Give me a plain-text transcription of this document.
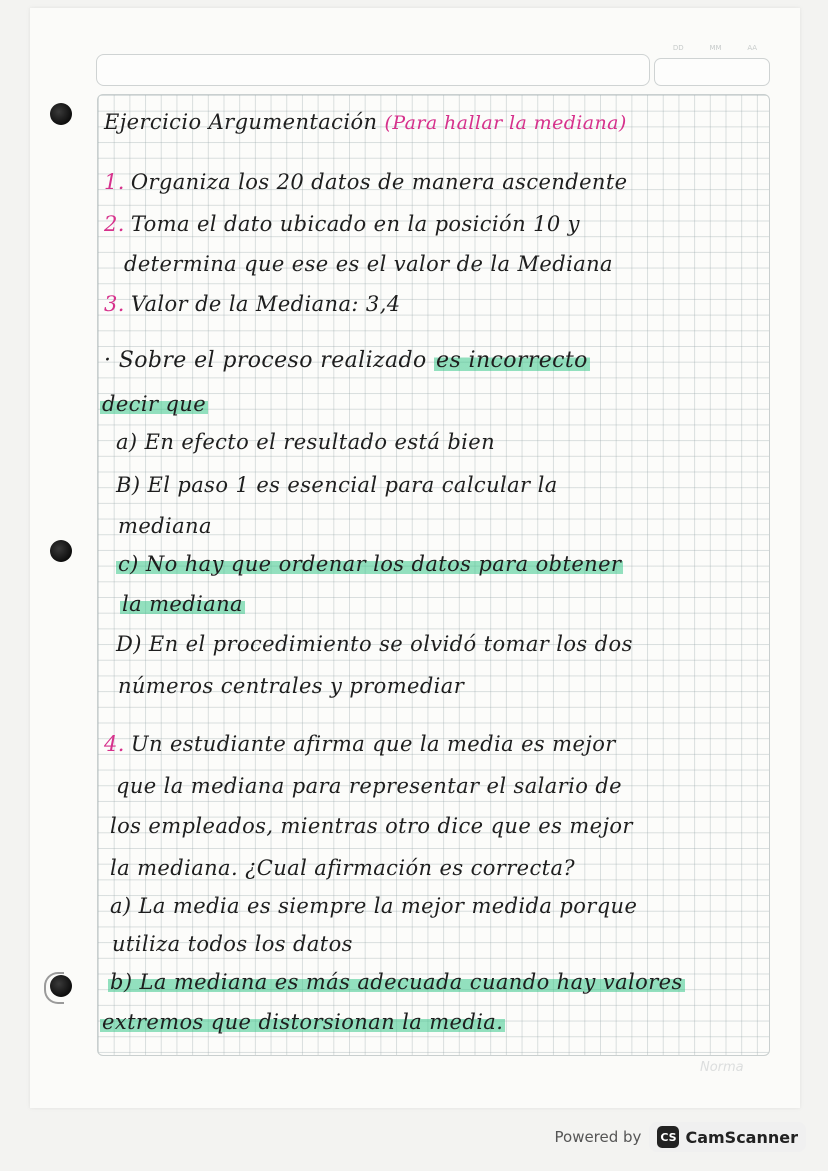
DD	MM	AA
Ejercicio Argumentación (Para hallar la mediana)
1. Organiza los 20 datos de manera ascendente
2. Toma el dato ubicado en la posición 10 y
determina que ese es el valor de la Mediana
3. Valor de la Mediana: 3,4
· Sobre el proceso realizado es incorrecto
decir que
a) En efecto el resultado está bien
B) El paso 1 es esencial para calcular la
mediana
c) No hay que ordenar los datos para obtener
la mediana
D) En el procedimiento se olvidó tomar los dos
números centrales y promediar
4. Un estudiante afirma que la media es mejor
que la mediana para representar el salario de
los empleados, mientras otro dice que es mejor
la mediana. ¿Cual afirmación es correcta?
a) La media es siempre la mejor medida porque
utiliza todos los datos
b) La mediana es más adecuada cuando hay valores
extremos que distorsionan la media.
Norma
Powered by CS CamScanner
